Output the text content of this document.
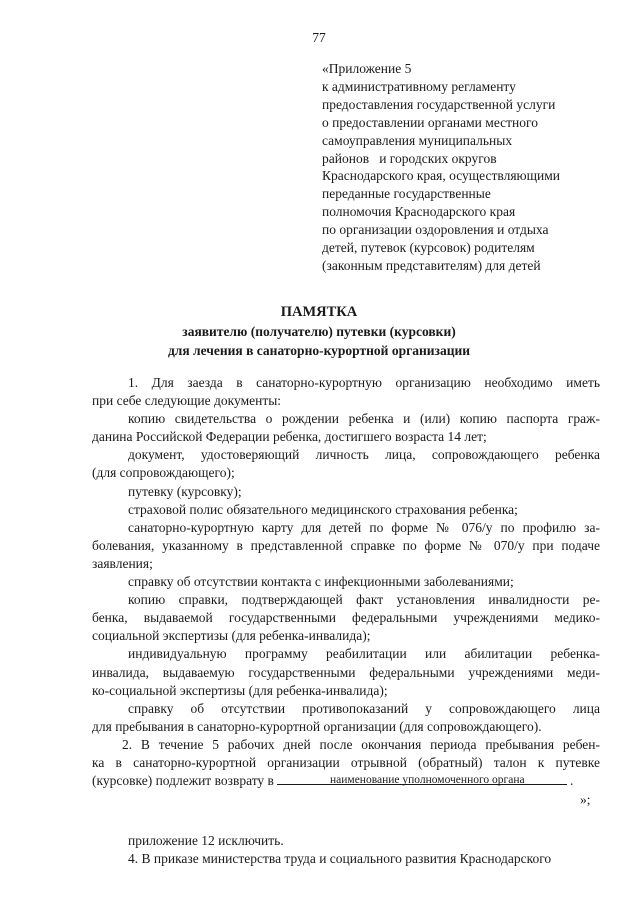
77
«Приложение 5
к административному регламенту
предоставления государственной услуги
о предоставлении органами местного
самоуправления муниципальных
районов   и городских округов
Краснодарского края, осуществляющими
переданные государственные
полномочия Краснодарского края
по организации оздоровления и отдыха
детей, путевок (курсовок) родителям
(законным представителям) для детей
ПАМЯТКА
заявителю (получателю) путевки (курсовки)
для лечения в санаторно-курортной организации
1. Для заезда в санаторно-курортную организацию необходимо иметь
при себе следующие документы:
копию свидетельства о рождении ребенка и (или) копию паспорта граж-
данина Российской Федерации ребенка, достигшего возраста 14 лет;
документ, удостоверяющий личность лица, сопровождающего ребенка
(для сопровождающего);
путевку (курсовку);
страховой полис обязательного медицинского страхования ребенка;
санаторно-курортную карту для детей по форме № 076/у по профилю за-
болевания, указанному в представленной справке по форме № 070/у при подаче
заявления;
справку об отсутствии контакта с инфекционными заболеваниями;
копию справки, подтверждающей факт установления инвалидности ре-
бенка, выдаваемой государственными федеральными учреждениями медико-
социальной экспертизы (для ребенка-инвалида);
индивидуальную программу реабилитации или абилитации ребенка-
инвалида, выдаваемую государственными федеральными учреждениями меди-
ко-социальной экспертизы (для ребенка-инвалида);
справку об отсутствии противопоказаний у сопровождающего лица
для пребывания в санаторно-курортной организации (для сопровождающего).
2. В течение 5 рабочих дней после окончания периода пребывания ребен-
ка в санаторно-курортной организации отрывной (обратный) талон к путевке
(курсовке) подлежит возврату в	.
наименование уполномоченного органа
»;
приложение 12 исключить.
4. В приказе министерства труда и социального развития Краснодарского
